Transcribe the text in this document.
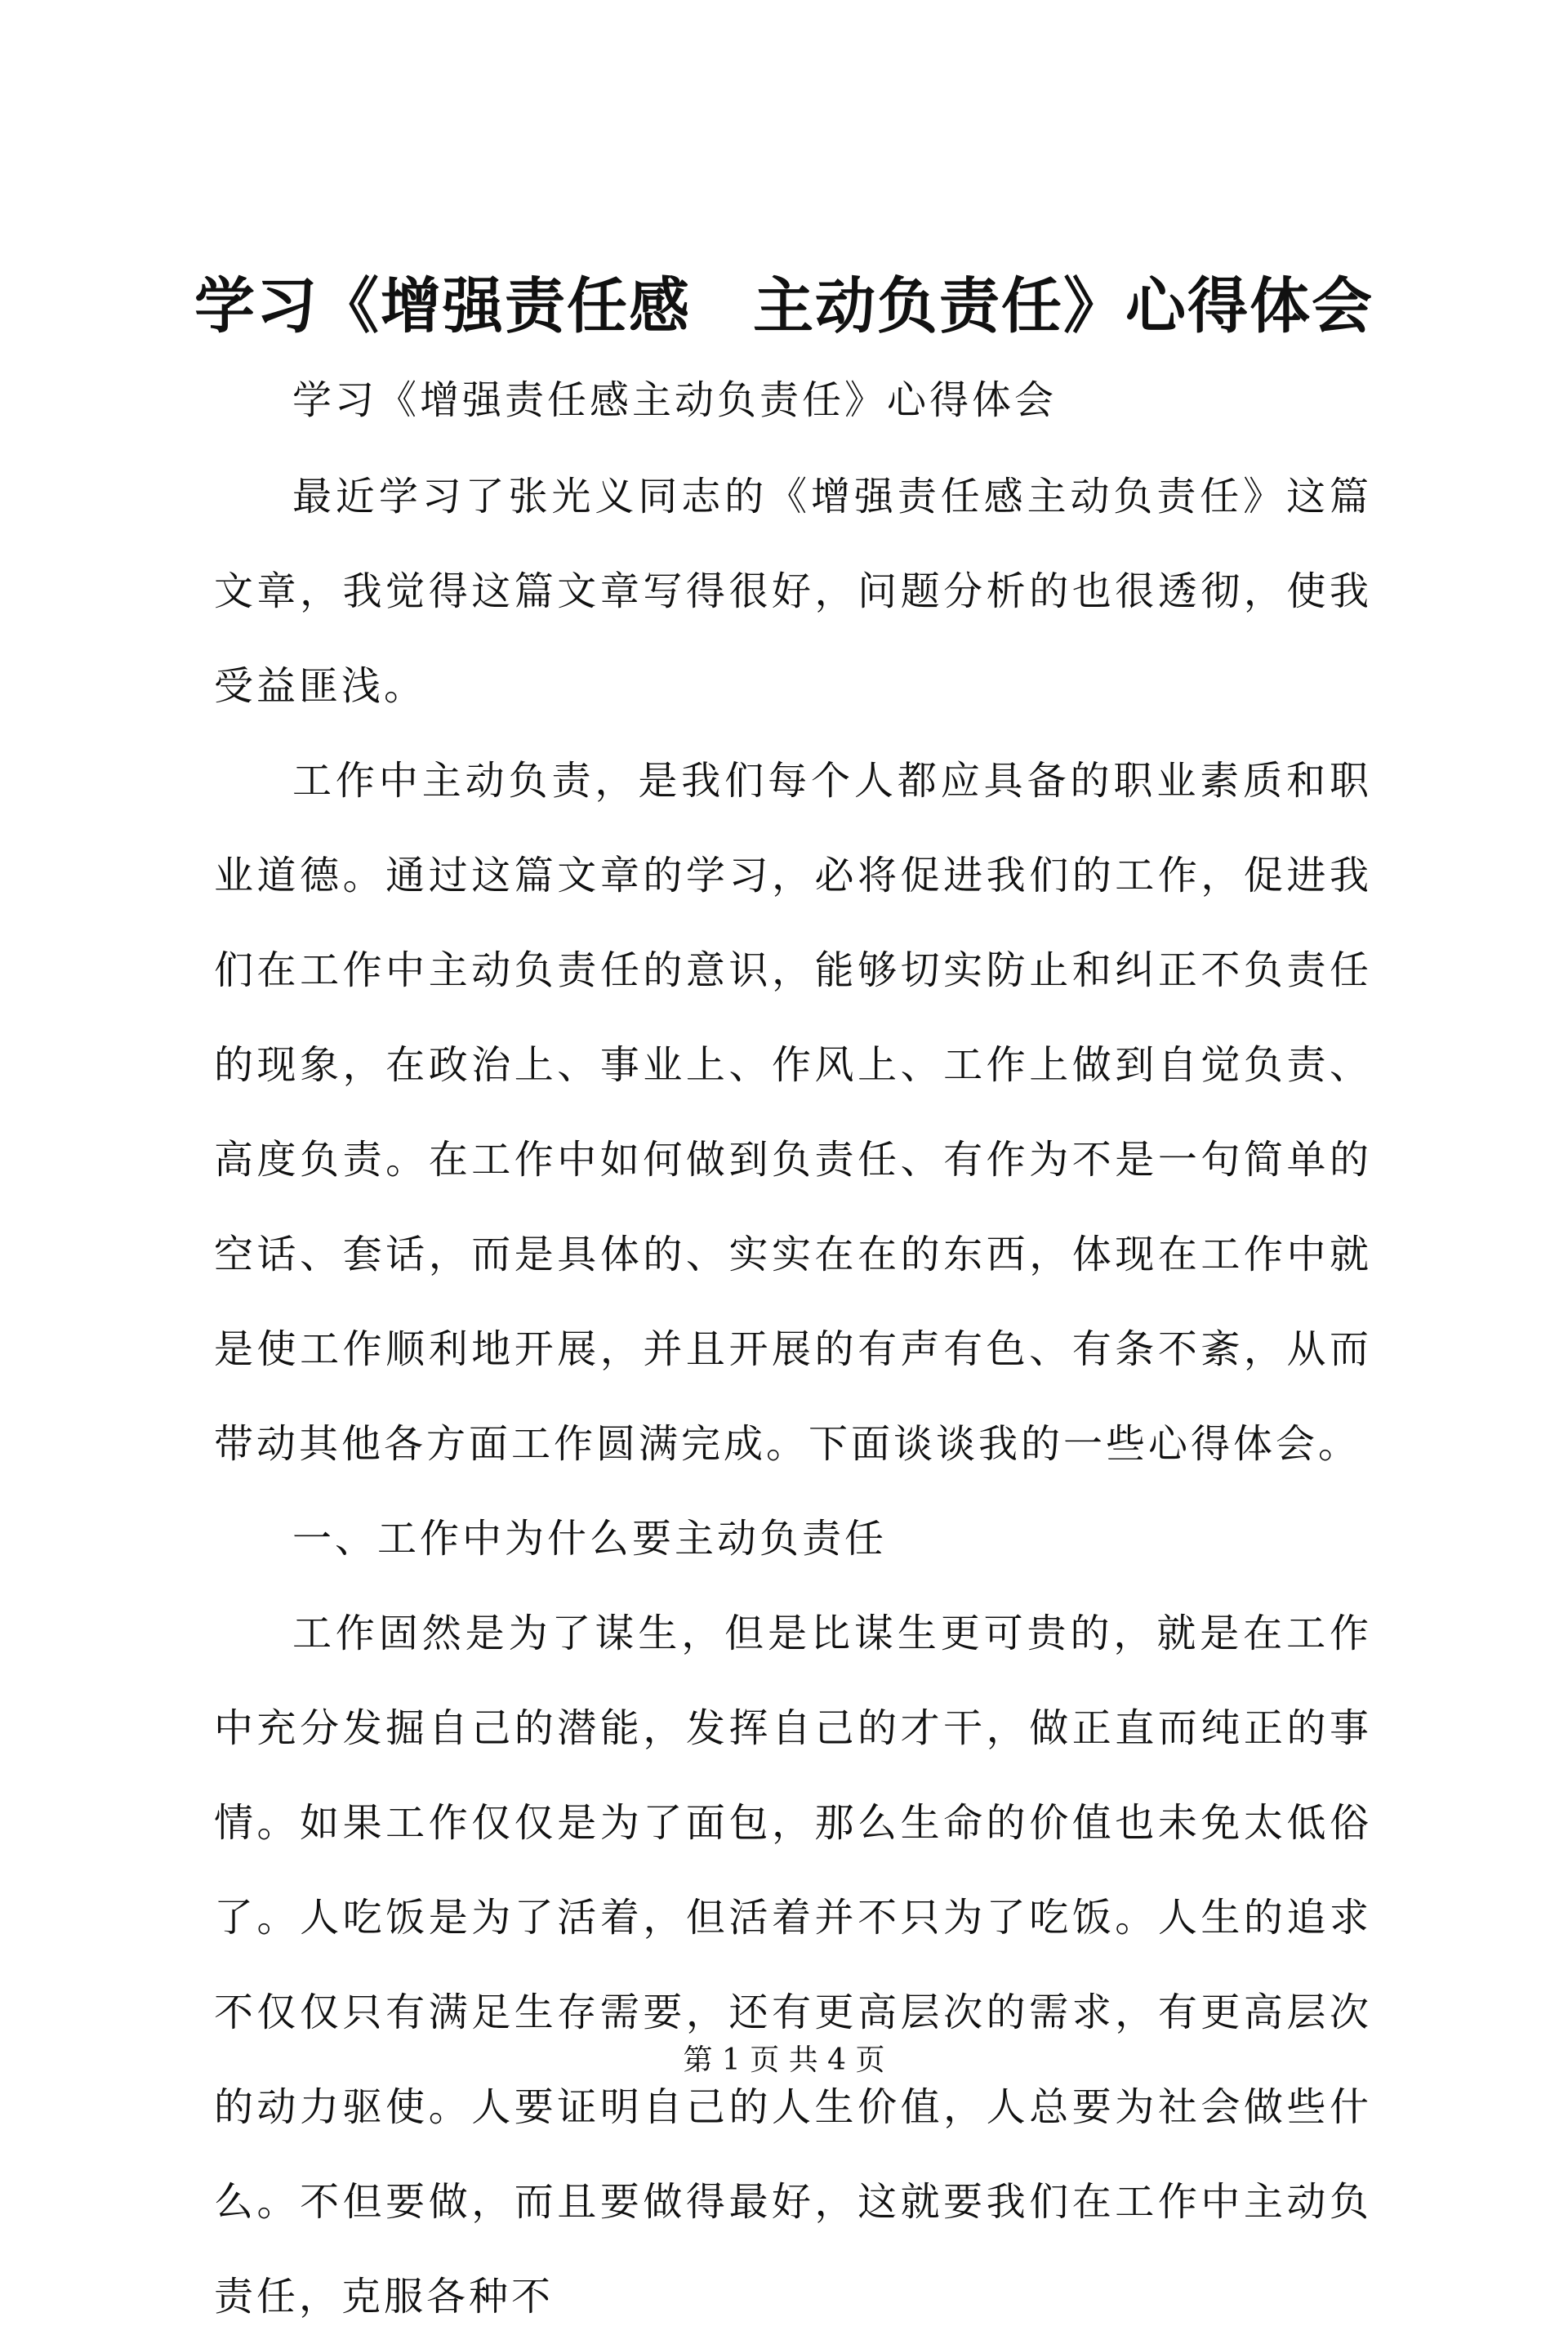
学习《增强责任感　主动负责任》心得体会

学习《增强责任感主动负责任》心得体会

最近学习了张光义同志的《增强责任感主动负责任》这篇文章，我觉得这篇文章写得很好，问题分析的也很透彻，使我受益匪浅。

工作中主动负责，是我们每个人都应具备的职业素质和职业道德。通过这篇文章的学习，必将促进我们的工作，促进我们在工作中主动负责任的意识，能够切实防止和纠正不负责任的现象，在政治上、事业上、作风上、工作上做到自觉负责、高度负责。在工作中如何做到负责任、有作为不是一句简单的空话、套话，而是具体的、实实在在的东西，体现在工作中就是使工作顺利地开展，并且开展的有声有色、有条不紊，从而带动其他各方面工作圆满完成。下面谈谈我的一些心得体会。

一、工作中为什么要主动负责任

工作固然是为了谋生，但是比谋生更可贵的，就是在工作中充分发掘自己的潜能，发挥自己的才干，做正直而纯正的事情。如果工作仅仅是为了面包，那么生命的价值也未免太低俗了。人吃饭是为了活着，但活着并不只为了吃饭。人生的追求不仅仅只有满足生存需要，还有更高层次的需求，有更高层次的动力驱使。人要证明自己的人生价值，人总要为社会做些什么。不但要做，而且要做得最好，这就要我们在工作中主动负责任，克服各种不

第 1 页 共 4 页
